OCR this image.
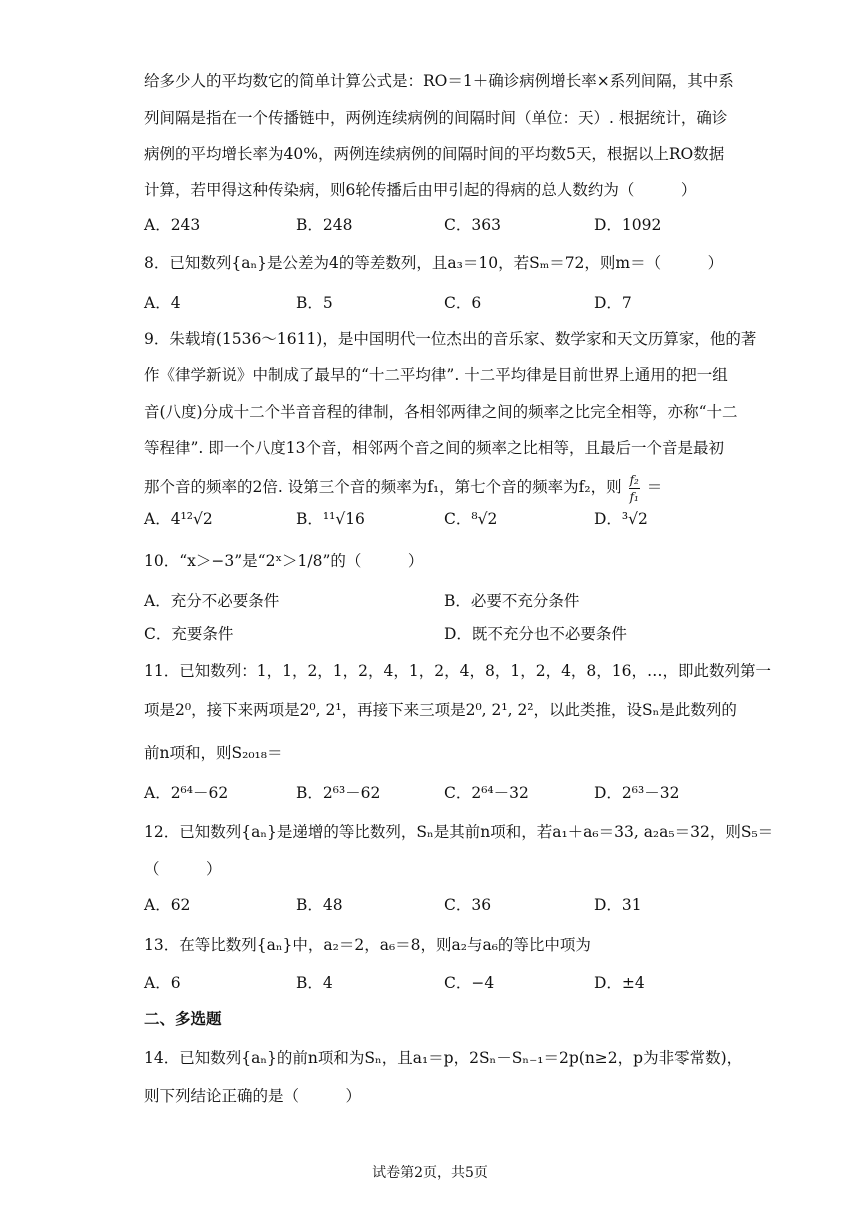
给多少人的平均数它的简单计算公式是：RO＝1＋确诊病例增长率×系列间隔，其中系
列间隔是指在一个传播链中，两例连续病例的间隔时间（单位：天）. 根据统计，确诊
病例的平均增长率为40%，两例连续病例的间隔时间的平均数5天，根据以上RO数据
计算，若甲得这种传染病，则6轮传播后由甲引起的得病的总人数约为（　　　）
A．243	B．248	C．363	D．1092
8．已知数列{aₙ}是公差为4的等差数列，且a₃＝10，若Sₘ＝72，则m＝（　　　）
A．4	B．5	C．6	D．7
9．朱载堉(1536～1611)，是中国明代一位杰出的音乐家、数学家和天文历算家，他的著
作《律学新说》中制成了最早的“十二平均律”. 十二平均律是目前世界上通用的把一组
音(八度)分成十二个半音音程的律制，各相邻两律之间的频率之比完全相等，亦称“十二
等程律”. 即一个八度13个音，相邻两个音之间的频率之比相等，且最后一个音是最初
那个音的频率的2倍. 设第三个音的频率为f₁，第七个音的频率为f₂，则 $\frac{\text{f₂}}{\text{f₁}}$ ＝
A．4¹²√2	B．¹¹√16	C．⁸√2	D．³√2
10．“x＞−3”是“2ˣ＞1/8”的（　　　）
A．充分不必要条件	B．必要不充分条件
C．充要条件	D．既不充分也不必要条件
11．已知数列：1，1，2，1，2，4，1，2，4，8，1，2，4，8，16，…，即此数列第一
项是2⁰，接下来两项是2⁰, 2¹，再接下来三项是2⁰, 2¹, 2²，以此类推，设Sₙ是此数列的
前n项和，则S₂₀₁₈＝
A．2⁶⁴－62	B．2⁶³－62	C．2⁶⁴－32	D．2⁶³－32
12．已知数列{aₙ}是递增的等比数列，Sₙ是其前n项和，若a₁＋a₆＝33, a₂a₅＝32，则S₅＝
（　　　）
A．62	B．48	C．36	D．31
13．在等比数列{aₙ}中，a₂＝2，a₆＝8，则a₂与a₆的等比中项为
A．6	B．4	C．−4	D．±4
二、多选题
14．已知数列{aₙ}的前n项和为Sₙ，且a₁＝p，2Sₙ－Sₙ₋₁＝2p(n≥2，p为非零常数)，
则下列结论正确的是（　　　）
试卷第2页，共5页
